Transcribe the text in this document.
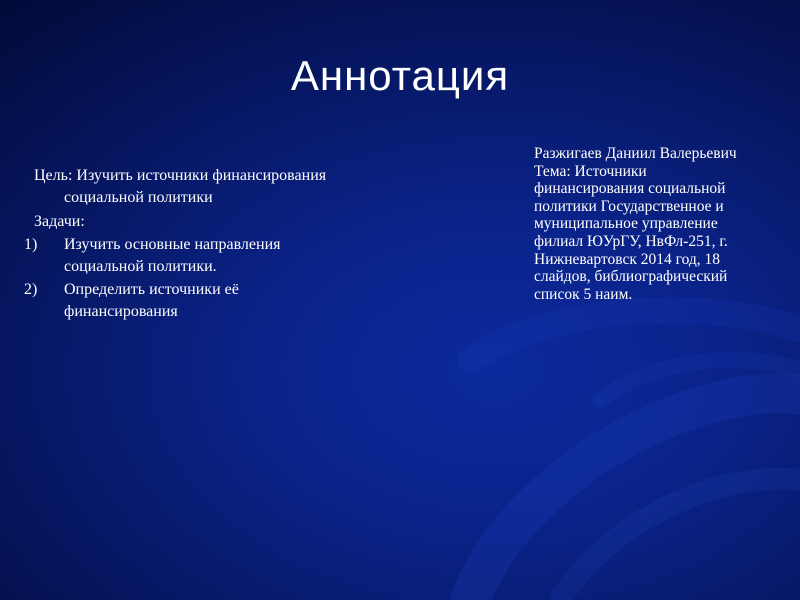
Аннотация

Цель: Изучить источники финансирования

социальной политики

Задачи:

1) Изучить основные направления
социальной политики.
2) Определить источники её
финансирования

Разжигаев Даниил Валерьевич

Тема: Источники

финансирования социальной

политики Государственное и

муниципальное управление

филиал ЮУрГУ, НвФл-251, г.

Нижневартовск 2014 год, 18

слайдов, библиографический

список 5 наим.
